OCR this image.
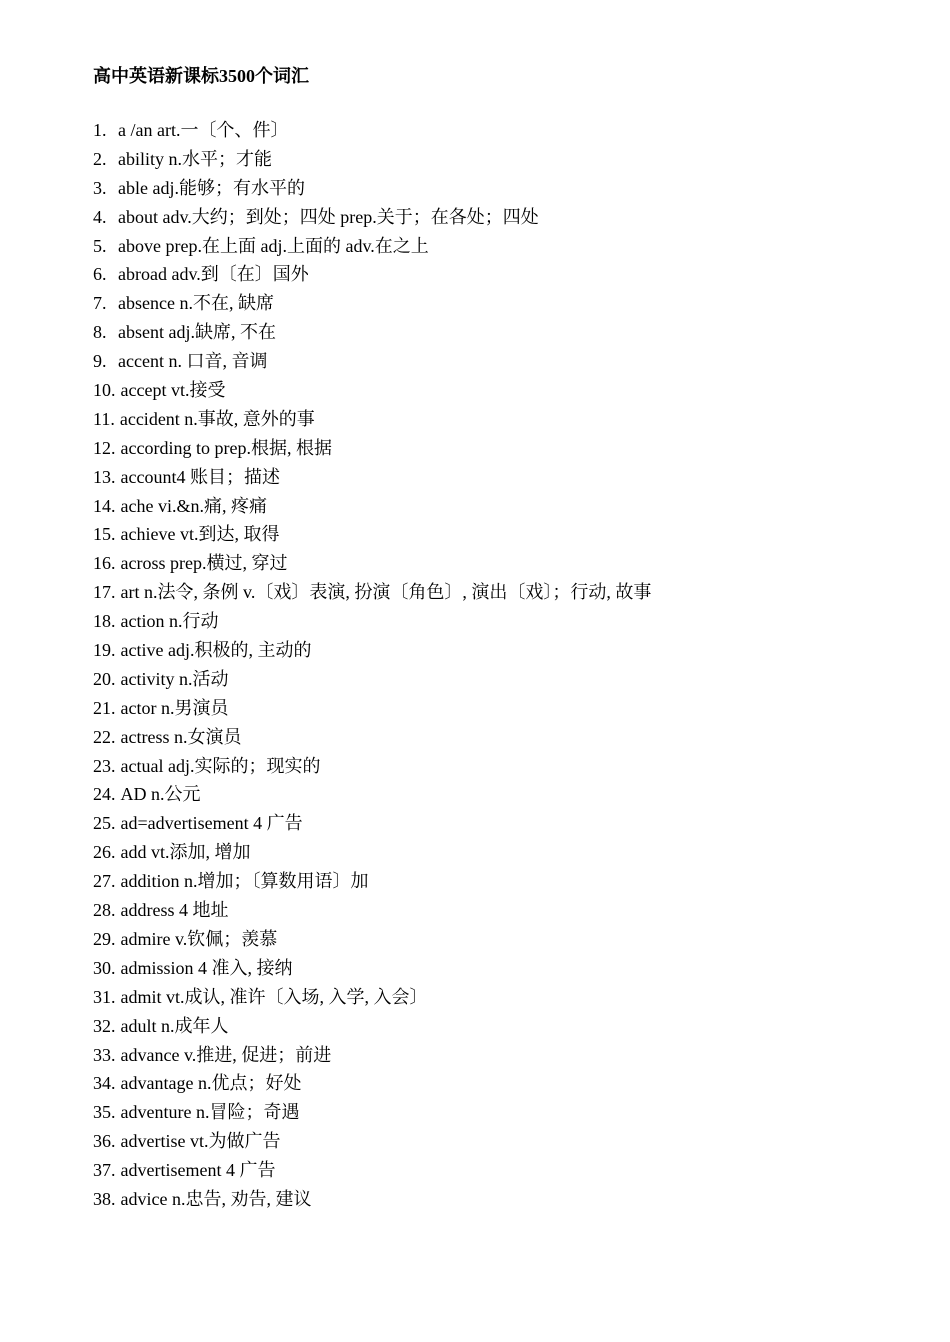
高中英语新课标3500个词汇
1. a /an art.一〔个、件〕
2. ability n.水平；才能
3. able adj.能够；有水平的
4. about adv.大约；到处；四处 prep.关于；在各处；四处
5. above prep.在上面 adj.上面的 adv.在之上
6. abroad adv.到〔在〕国外
7. absence n.不在, 缺席
8. absent adj.缺席, 不在
9. accent n. 口音, 音调
10. accept vt.接受
11. accident n.事故, 意外的事
12. according to prep.根据, 根据
13. account4 账目；描述
14. ache vi.&n.痛, 疼痛
15. achieve vt.到达, 取得
16. across prep.横过, 穿过
17. art n.法令, 条例 v.〔戏〕表演, 扮演〔角色〕, 演出〔戏〕；行动, 故事
18. action n.行动
19. active adj.积极的, 主动的
20. activity n.活动
21. actor n.男演员
22. actress n.女演员
23. actual adj.实际的；现实的
24. AD n.公元
25. ad=advertisement 4 广告
26. add vt.添加, 增加
27. addition n.增加；〔算数用语〕加
28. address 4 地址
29. admire v.钦佩；羡慕
30. admission 4 准入, 接纳
31. admit vt.成认, 准许〔入场, 入学, 入会〕
32. adult n.成年人
33. advance v.推进, 促进；前进
34. advantage n.优点；好处
35. adventure n.冒险；奇遇
36. advertise vt.为做广告
37. advertisement 4 广告
38. advice n.忠告, 劝告, 建议
